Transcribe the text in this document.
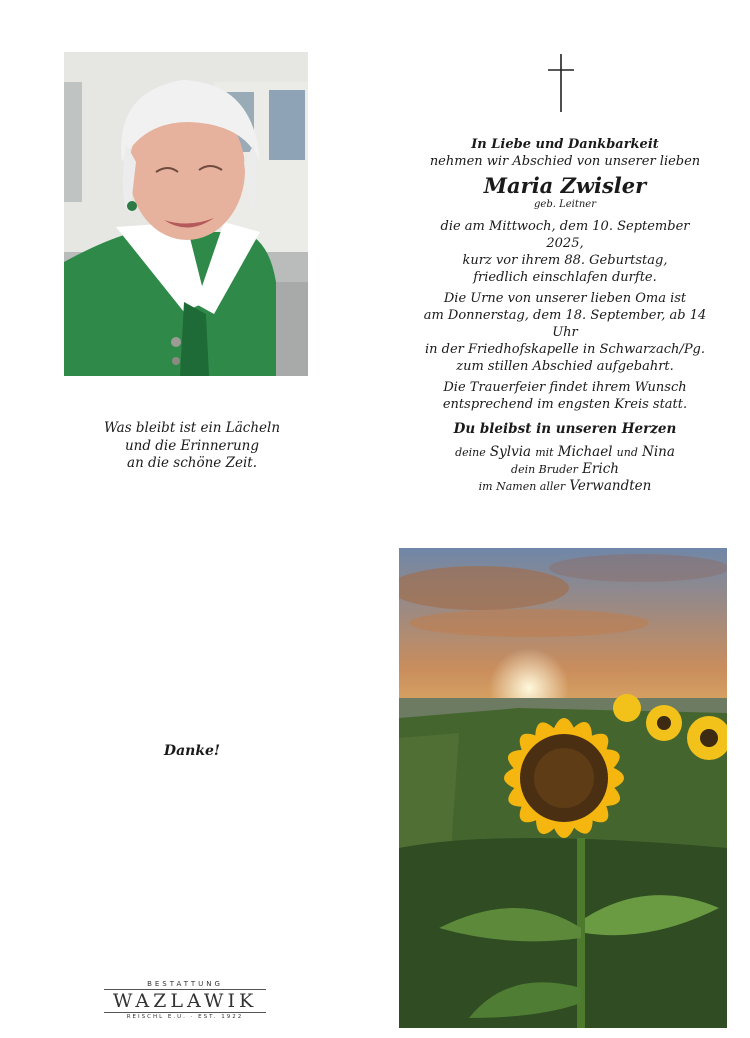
Was bleibt ist ein Lächeln
und die Erinnerung
an die schöne Zeit.
In Liebe und Dankbarkeit
nehmen wir Abschied von unserer lieben
Maria Zwisler
geb. Leitner
die am Mittwoch, dem 10. September 2025,
kurz vor ihrem 88. Geburtstag,
friedlich einschlafen durfte.
Die Urne von unserer lieben Oma ist
am Donnerstag, dem 18. September, ab 14 Uhr
in der Friedhofskapelle in Schwarzach/Pg.
zum stillen Abschied aufgebahrt.
Die Trauerfeier findet ihrem Wunsch
entsprechend im engsten Kreis statt.
Du bleibst in unseren Herzen
deine Sylvia mit Michael und Nina
dein Bruder Erich
im Namen aller Verwandten
Danke!
BESTATTUNG
WAZLAWIK
REISCHL E.U. · EST. 1922
